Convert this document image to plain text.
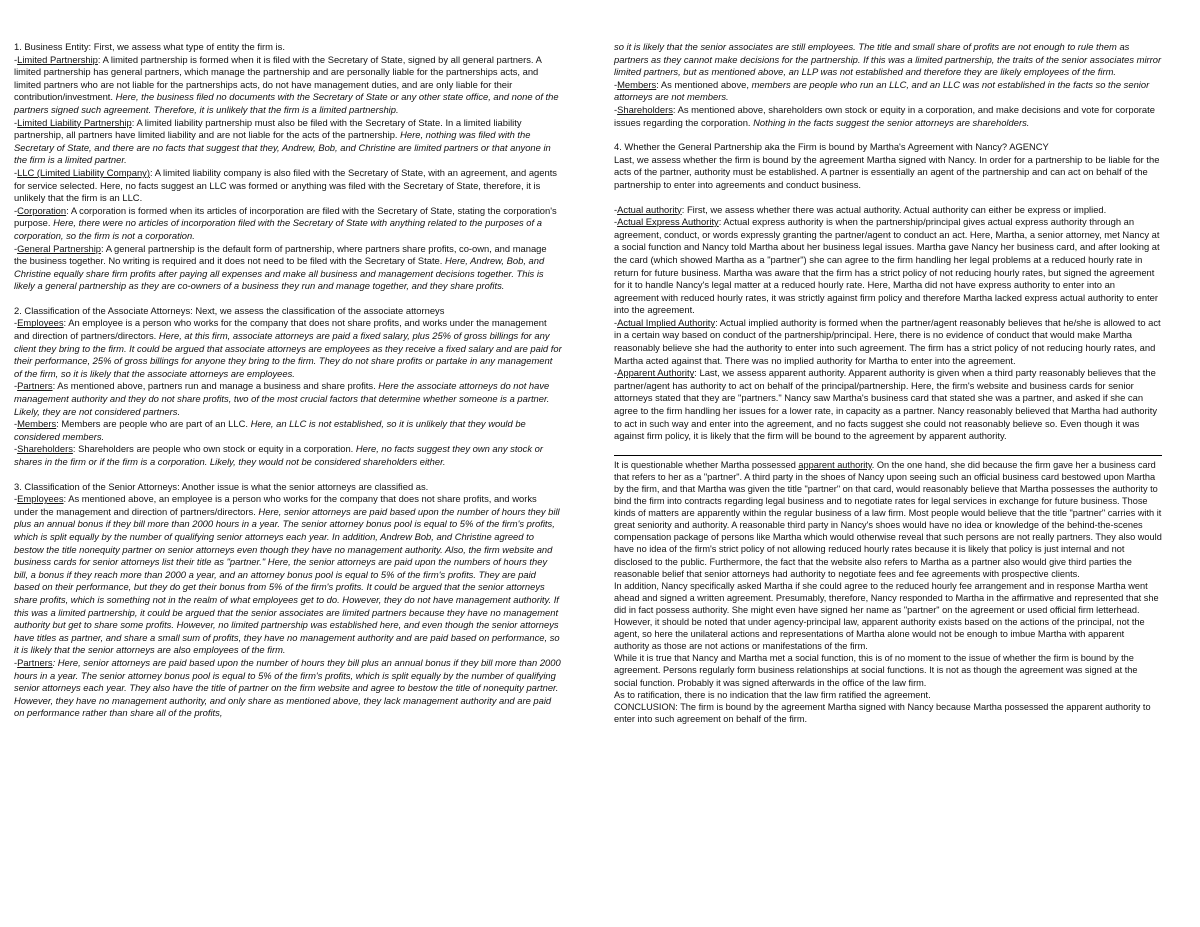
1. Business Entity: First, we assess what type of entity the firm is.

-Limited Partnership: A limited partnership is formed when it is filed with the Secretary of State, signed by all general partners. A limited partnership has general partners, which manage the partnership and are personally liable for the partnerships acts, and limited partners who are not liable for the partnerships acts, do not have management duties, and are only liable for their contribution/investment. Here, the business filed no documents with the Secretary of State or any other state office, and none of the partners signed such agreement. Therefore, it is unlikely that the firm is a limited partnership.

-Limited Liability Partnership: A limited liability partnership must also be filed with the Secretary of State. In a limited liability partnership, all partners have limited liability and are not liable for the acts of the partnership. Here, nothing was filed with the Secretary of State, and there are no facts that suggest that they, Andrew, Bob, and Christine are limited partners or that anyone in the firm is a limited partner.

-LLC (Limited Liability Company): A limited liability company is also filed with the Secretary of State, with an agreement, and agents for service selected. Here, no facts suggest an LLC was formed or anything was filed with the Secretary of State, therefore, it is unlikely that the firm is an LLC.

-Corporation: A corporation is formed when its articles of incorporation are filed with the Secretary of State, stating the corporation's purpose. Here, there were no articles of incorporation filed with the Secretary of State with anything related to the purposes of a corporation, so the firm is not a corporation.

-General Partnership: A general partnership is the default form of partnership, where partners share profits, co-own, and manage the business together. No writing is required and it does not need to be filed with the Secretary of State. Here, Andrew, Bob, and Christine equally share firm profits after paying all expenses and make all business and management decisions together. This is likely a general partnership as they are co-owners of a business they run and manage together, and they share profits.

2. Classification of the Associate Attorneys: Next, we assess the classification of the associate attorneys

-Employees: An employee is a person who works for the company that does not share profits, and works under the management and direction of partners/directors. Here, at this firm, associate attorneys are paid a fixed salary, plus 25% of gross billings for any client they bring to the firm. It could be argued that associate attorneys are employees as they receive a fixed salary and are paid for their performance, 25% of gross billings for anyone they bring to the firm. They do not share profits or partake in any management of the firm, so it is likely that the associate attorneys are employees.

-Partners: As mentioned above, partners run and manage a business and share profits. Here the associate attorneys do not have management authority and they do not share profits, two of the most crucial factors that determine whether someone is a partner. Likely, they are not considered partners.

-Members: Members are people who are part of an LLC. Here, an LLC is not established, so it is unlikely that they would be considered members.

-Shareholders: Shareholders are people who own stock or equity in a corporation. Here, no facts suggest they own any stock or shares in the firm or if the firm is a corporation. Likely, they would not be considered shareholders either.

3. Classification of the Senior Attorneys: Another issue is what the senior attorneys are classified as.

-Employees: As mentioned above, an employee is a person who works for the company that does not share profits, and works under the management and direction of partners/directors. Here, senior attorneys are paid based upon the number of hours they bill plus an annual bonus if they bill more than 2000 hours in a year. The senior attorney bonus pool is equal to 5% of the firm's profits, which is split equally by the number of qualifying senior attorneys each year. In addition, Andrew Bob, and Christine agreed to bestow the title nonequity partner on senior attorneys even though they have no management authority. Also, the firm website and business cards for senior attorneys list their title as "partner." Here, the senior attorneys are paid upon the numbers of hours they bill, a bonus if they reach more than 2000 a year, and an attorney bonus pool is equal to 5% of the firm's profits. They are paid based on their performance, but they do get their bonus from 5% of the firm's profits. It could be argued that the senior attorneys share profits, which is something not in the realm of what employees get to do. However, they do not have management authority. If this was a limited partnership, it could be argued that the senior associates are limited partners because they have no management authority but get to share some profits. However, no limited partnership was established here, and even though the senior attorneys have titles as partner, and share a small sum of profits, they have no management authority and are paid based on performance, so it is likely that the senior attorneys are also employees of the firm.

-Partners: Here, senior attorneys are paid based upon the number of hours they bill plus an annual bonus if they bill more than 2000 hours in a year. The senior attorney bonus pool is equal to 5% of the firm's profits, which is split equally by the number of qualifying senior attorneys each year. They also have the title of partner on the firm website and agree to bestow the title of nonequity partner. However, they have no management authority, and only share as mentioned above, they lack management authority and are paid on performance rather than share all of the profits,

so it is likely that the senior associates are still employees. The title and small share of profits are not enough to rule them as partners as they cannot make decisions for the partnership. If this was a limited partnership, the traits of the senior associates mirror limited partners, but as mentioned above, an LLP was not established and therefore they are likely employees of the firm.

-Members: As mentioned above, members are people who run an LLC, and an LLC was not established in the facts so the senior attorneys are not members.

-Shareholders: As mentioned above, shareholders own stock or equity in a corporation, and make decisions and vote for corporate issues regarding the corporation. Nothing in the facts suggest the senior attorneys are shareholders.

4. Whether the General Partnership aka the Firm is bound by Martha's Agreement with Nancy? AGENCY

Last, we assess whether the firm is bound by the agreement Martha signed with Nancy. In order for a partnership to be liable for the acts of the partner, authority must be established. A partner is essentially an agent of the partnership and can act on behalf of the partnership to enter into agreements and conduct business.

-Actual authority: First, we assess whether there was actual authority. Actual authority can either be express or implied.

-Actual Express Authority: Actual express authority is when the partnership/principal gives actual express authority through an agreement, conduct, or words expressly granting the partner/agent to conduct an act. Here, Martha, a senior attorney, met Nancy at a social function and Nancy told Martha about her business legal issues. Martha gave Nancy her business card, and after looking at the card (which showed Martha as a "partner") she can agree to the firm handling her legal problems at a reduced hourly rate in return for future business. Martha was aware that the firm has a strict policy of not reducing hourly rates, but signed the agreement for it to handle Nancy's legal matter at a reduced hourly rate. Here, Martha did not have express authority to enter into an agreement with reduced hourly rates, it was strictly against firm policy and therefore Martha lacked express actual authority to enter into the agreement.

-Actual Implied Authority: Actual implied authority is formed when the partner/agent reasonably believes that he/she is allowed to act in a certain way based on conduct of the partnership/principal. Here, there is no evidence of conduct that would make Martha reasonably believe she had the authority to enter into such agreement. The firm has a strict policy of not reducing hourly rates, and Martha acted against that. There was no implied authority for Martha to enter into the agreement.

-Apparent Authority: Last, we assess apparent authority. Apparent authority is given when a third party reasonably believes that the partner/agent has authority to act on behalf of the principal/partnership. Here, the firm's website and business cards for senior attorneys stated that they are "partners." Nancy saw Martha's business card that stated she was a partner, and asked if she can agree to the firm handling her issues for a lower rate, in capacity as a partner. Nancy reasonably believed that Martha had authority to act in such way and enter into the agreement, and no facts suggest she could not reasonably believe so. Even though it was against firm policy, it is likely that the firm will be bound to the agreement by apparent authority.

It is questionable whether Martha possessed apparent authority. On the one hand, she did because the firm gave her a business card that refers to her as a "partner". A third party in the shoes of Nancy upon seeing such an official business card bestowed upon Martha by the firm, and that Martha was given the title "partner" on that card, would reasonably believe that Martha possesses the authority to bind the firm into contracts regarding legal business and to negotiate rates for legal services in exchange for future business. Those kinds of matters are apparently within the regular business of a law firm. Most people would believe that the title "partner" carries with it great seniority and authority. A reasonable third party in Nancy's shoes would have no idea or knowledge of the behind-the-scenes compensation package of persons like Martha which would otherwise reveal that such persons are not really partners. They also would have no idea of the firm's strict policy of not allowing reduced hourly rates because it is likely that policy is just internal and not disclosed to the public. Furthermore, the fact that the website also refers to Martha as a partner also would give third parties the reasonable belief that senior attorneys had authority to negotiate fees and fee agreements with prospective clients.

In addition, Nancy specifically asked Martha if she could agree to the reduced hourly fee arrangement and in response Martha went ahead and signed a written agreement. Presumably, therefore, Nancy responded to Martha in the affirmative and represented that she did in fact possess authority. She might even have signed her name as "partner" on the agreement or used official firm letterhead. However, it should be noted that under agency-principal law, apparent authority exists based on the actions of the principal, not the agent, so here the unilateral actions and representations of Martha alone would not be enough to imbue Martha with apparent authority as those are not actions or manifestations of the firm.

While it is true that Nancy and Martha met a social function, this is of no moment to the issue of whether the firm is bound by the agreement. Persons regularly form business relationships at social functions. It is not as though the agreement was signed at the social function. Probably it was signed afterwards in the office of the law firm.

As to ratification, there is no indication that the law firm ratified the agreement.

CONCLUSION: The firm is bound by the agreement Martha signed with Nancy because Martha possessed the apparent authority to enter into such agreement on behalf of the firm.
